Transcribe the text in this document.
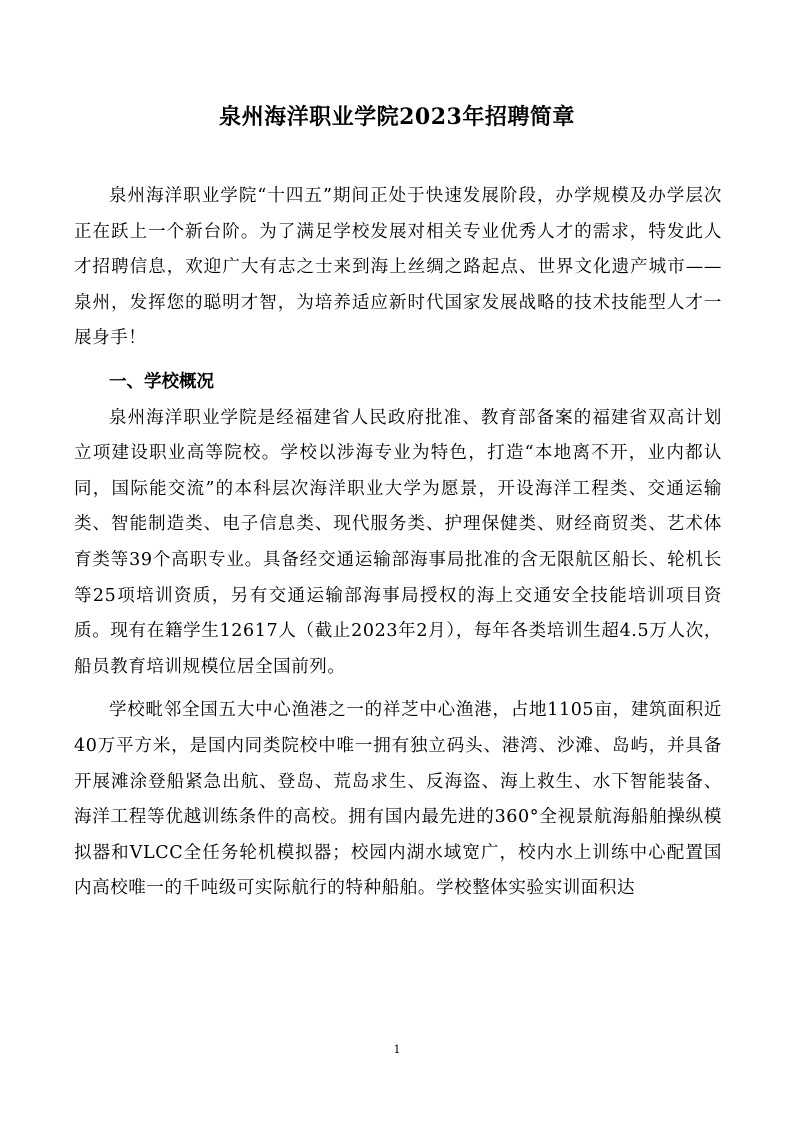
泉州海洋职业学院2023年招聘简章

泉州海洋职业学院“十四五”期间正处于快速发展阶段，办学规模及办学层次正在跃上一个新台阶。为了满足学校发展对相关专业优秀人才的需求，特发此人才招聘信息，欢迎广大有志之士来到海上丝绸之路起点、世界文化遗产城市——泉州，发挥您的聪明才智，为培养适应新时代国家发展战略的技术技能型人才一展身手！

一、学校概况

泉州海洋职业学院是经福建省人民政府批准、教育部备案的福建省双高计划立项建设职业高等院校。学校以涉海专业为特色，打造“本地离不开，业内都认同，国际能交流”的本科层次海洋职业大学为愿景，开设海洋工程类、交通运输类、智能制造类、电子信息类、现代服务类、护理保健类、财经商贸类、艺术体育类等39个高职专业。具备经交通运输部海事局批准的含无限航区船长、轮机长等25项培训资质，另有交通运输部海事局授权的海上交通安全技能培训项目资质。现有在籍学生12617人（截止2023年2月），每年各类培训生超4.5万人次，船员教育培训规模位居全国前列。

学校毗邻全国五大中心渔港之一的祥芝中心渔港，占地1105亩，建筑面积近40万平方米，是国内同类院校中唯一拥有独立码头、港湾、沙滩、岛屿，并具备开展滩涂登船紧急出航、登岛、荒岛求生、反海盗、海上救生、水下智能装备、海洋工程等优越训练条件的高校。拥有国内最先进的360°全视景航海船舶操纵模拟器和VLCC全任务轮机模拟器；校园内湖水域宽广，校内水上训练中心配置国内高校唯一的千吨级可实际航行的特种船舶。学校整体实验实训面积达

1
